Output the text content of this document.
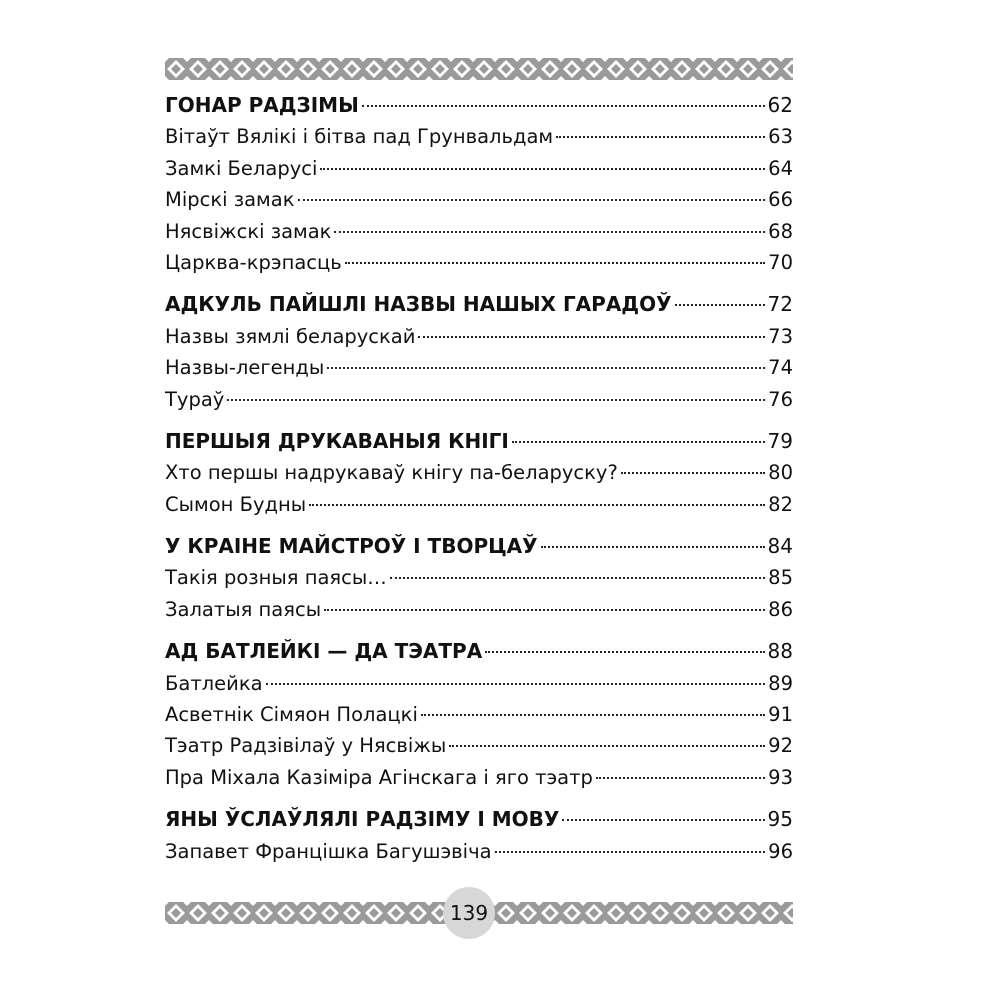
ГОНАР РАДЗІМЫ	62
Вітаўт Вялікі і бітва пад Грунвальдам	63
Замкі Беларусі	64
Мірскі замак	66
Нясвіжскі замак	68
Царква-крэпасць	70
АДКУЛЬ ПАЙШЛІ НАЗВЫ НАШЫХ ГАРАДОЎ	72
Назвы зямлі беларускай	73
Назвы-легенды	74
Тураў	76
ПЕРШЫЯ ДРУКАВАНЫЯ КНІГІ	79
Хто першы надрукаваў кнігу па-беларуску?	80
Сымон Будны	82
У КРАІНЕ МАЙСТРОЎ І ТВОРЦАЎ	84
Такія розныя паясы…	85
Залатыя паясы	86
АД БАТЛЕЙКІ — ДА ТЭАТРА	88
Батлейка	89
Асветнік Сімяон Полацкі	91
Тэатр Радзівілаў у Нясвіжы	92
Пра Міхала Казіміра Агінскага і яго тэатр	93
ЯНЫ ЎСЛАЎЛЯЛІ РАДЗІМУ І МОВУ	95
Запавет Францішка Багушэвіча	96
139
